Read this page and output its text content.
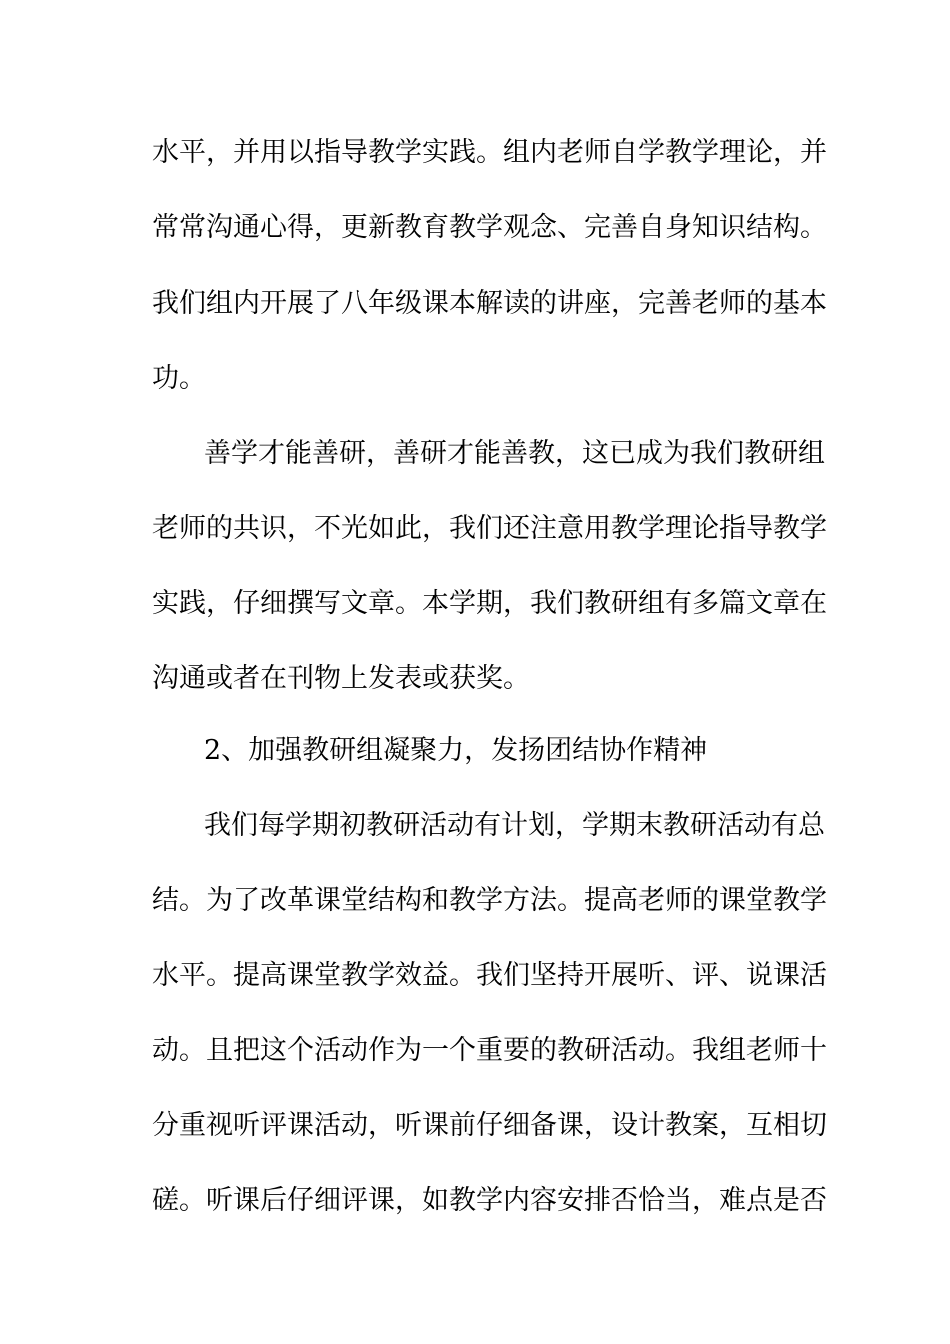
水平，并用以指导教学实践。组内老师自学教学理论，并
常常沟通心得，更新教育教学观念、完善自身知识结构。
我们组内开展了八年级课本解读的讲座，完善老师的基本
功。
善学才能善研，善研才能善教，这已成为我们教研组
老师的共识，不光如此，我们还注意用教学理论指导教学
实践，仔细撰写文章。本学期，我们教研组有多篇文章在
沟通或者在刊物上发表或获奖。
2、加强教研组凝聚力，发扬团结协作精神
我们每学期初教研活动有计划，学期末教研活动有总
结。为了改革课堂结构和教学方法。提高老师的课堂教学
水平。提高课堂教学效益。我们坚持开展听、评、说课活
动。且把这个活动作为一个重要的教研活动。我组老师十
分重视听评课活动，听课前仔细备课，设计教案，互相切
磋。听课后仔细评课，如教学内容安排否恰当，难点是否
